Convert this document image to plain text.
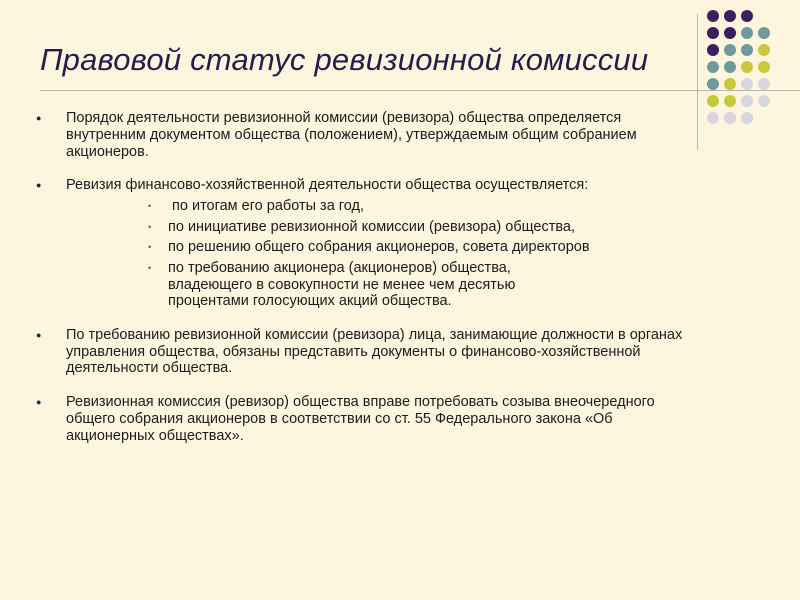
Правовой статус ревизионной комиссии
● Порядок деятельности ревизионной комиссии (ревизора) общества определяется внутренним документом общества (положением), утверждаемым общим собранием акционеров.
● Ревизия финансово-хозяйственной деятельности общества осуществляется:
• по итогам его работы за год,
• по инициативе ревизионной комиссии (ревизора) общества,
• по решению общего собрания акционеров, совета директоров
• по требованию акционера (акционеров) общества, владеющего в совокупности не менее чем десятью процентами голосующих акций общества.
● По требованию ревизионной комиссии (ревизора) лица, занимающие должности в органах управления общества, обязаны представить документы о финансово-хозяйственной деятельности общества.
● Ревизионная комиссия (ревизор) общества вправе потребовать созыва внеочередного общего собрания акционеров в соответствии со ст. 55 Федерального закона «Об акционерных обществах».
